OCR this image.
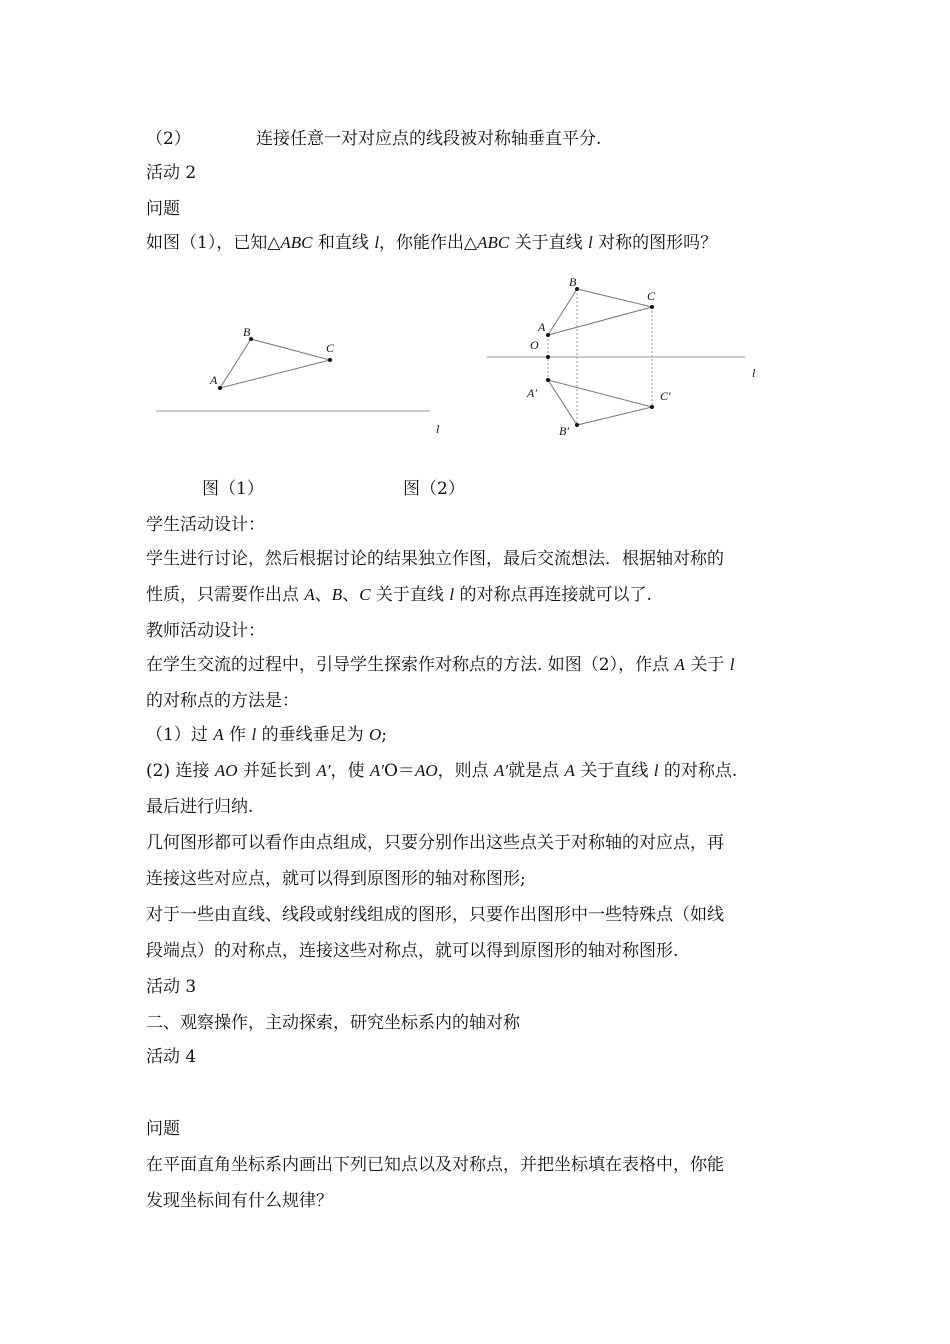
（2）	连接任意一对对应点的线段被对称轴垂直平分.
活动 2
问题
如图（1），已知△ABC 和直线 l，你能作出△ABC 关于直线 l 对称的图形吗？
A
B
C
l
B
C
A
O
A′	C′
B′
l
图（1）	图（2）
学生活动设计：
学生进行讨论，然后根据讨论的结果独立作图，最后交流想法．根据轴对称的
性质，只需要作出点 A、B、C 关于直线 l 的对称点再连接就可以了.
教师活动设计：
在学生交流的过程中，引导学生探索作对称点的方法. 如图（2），作点 A 关于 l
的对称点的方法是：
（1）过 A 作 l 的垂线垂足为 O;
(2) 连接 AO 并延长到 A′，使 A′O＝AO，则点 A′就是点 A 关于直线 l 的对称点.
最后进行归纳.
几何图形都可以看作由点组成，只要分别作出这些点关于对称轴的对应点，再
连接这些对应点，就可以得到原图形的轴对称图形;
对于一些由直线、线段或射线组成的图形，只要作出图形中一些特殊点（如线
段端点）的对称点，连接这些对称点，就可以得到原图形的轴对称图形.
活动 3
二、观察操作，主动探索，研究坐标系内的轴对称
活动 4
问题
在平面直角坐标系内画出下列已知点以及对称点，并把坐标填在表格中，你能
发现坐标间有什么规律？
